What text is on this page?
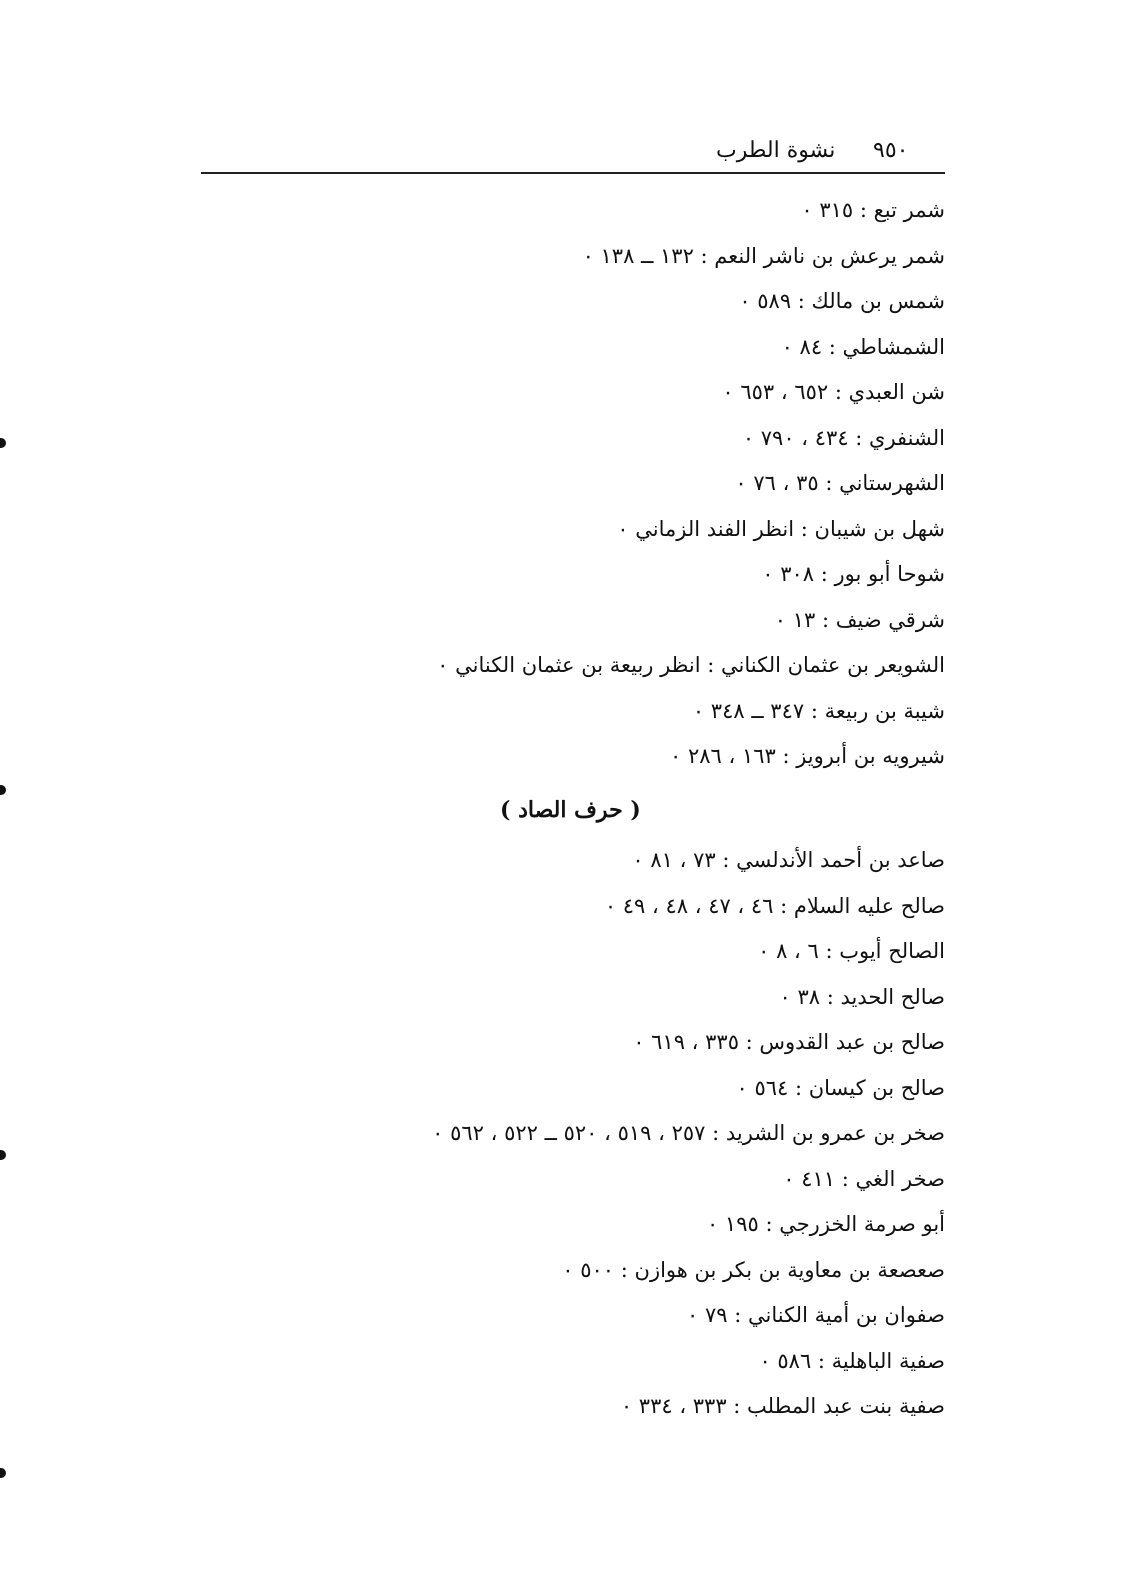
٩٥٠
نشوة الطرب
شمر تبع : ٣١٥ ٠
شمر يرعش بن ناشر النعم : ١٣٢ ــ ١٣٨ ٠
شمس بن مالك : ٥٨٩ ٠
الشمشاطي : ٨٤ ٠
شن العبدي : ٦٥٢ ، ٦٥٣ ٠
الشنفري : ٤٣٤ ، ٧٩٠ ٠
الشهرستاني : ٣٥ ، ٧٦ ٠
شهل بن شيبان : انظر الفند الزماني ٠
شوحا أبو بور : ٣٠٨ ٠
شرقي ضيف : ١٣ ٠
الشويعر بن عثمان الكناني : انظر ربيعة بن عثمان الكناني ٠
شيبة بن ربيعة : ٣٤٧ ــ ٣٤٨ ٠
شيرويه بن أبرويز : ١٦٣ ، ٢٨٦ ٠
( حرف الصاد )
صاعد بن أحمد الأندلسي : ٧٣ ، ٨١ ٠
صالح عليه السلام : ٤٦ ، ٤٧ ، ٤٨ ، ٤٩ ٠
الصالح أيوب : ٦ ، ٨ ٠
صالح الحديد : ٣٨ ٠
صالح بن عبد القدوس : ٣٣٥ ، ٦١٩ ٠
صالح بن كيسان : ٥٦٤ ٠
صخر بن عمرو بن الشريد : ٢٥٧ ، ٥١٩ ، ٥٢٠ ــ ٥٢٢ ، ٥٦٢ ٠
صخر الغي : ٤١١ ٠
أبو صرمة الخزرجي : ١٩٥ ٠
صعصعة بن معاوية بن بكر بن هوازن : ٥٠٠ ٠
صفوان بن أمية الكناني : ٧٩ ٠
صفية الباهلية : ٥٨٦ ٠
صفية بنت عبد المطلب : ٣٣٣ ، ٣٣٤ ٠
